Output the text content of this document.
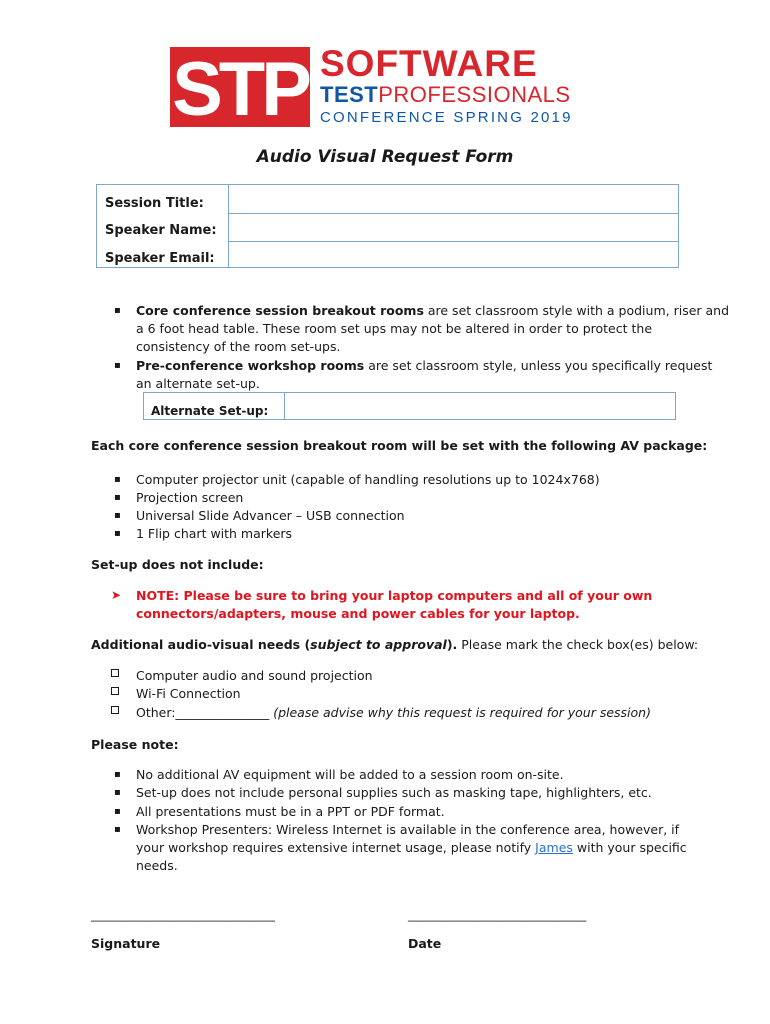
STP SOFTWARE
TESTPROFESSIONALS
CONFERENCE SPRING 2019
Audio Visual Request Form
Session Title:
Speaker Name:
Speaker Email:
▪
Core conference session breakout rooms are set classroom style with a podium, riser and
a 6 foot head table. These room set ups may not be altered in order to protect the
consistency of the room set-ups.
▪
Pre-conference workshop rooms are set classroom style, unless you specifically request
an alternate set-up.
Alternate Set-up:
Each core conference session breakout room will be set with the following AV package:
▪
Computer projector unit (capable of handling resolutions up to 1024x768)
▪
Projection screen
▪
Universal Slide Advancer – USB connection
▪
1 Flip chart with markers
Set-up does not include:
➤ NOTE: Please be sure to bring your laptop computers and all of your own
connectors/adapters, mouse and power cables for your laptop.
Additional audio-visual needs (subject to approval). Please mark the check box(es) below:
Computer audio and sound projection
Wi-Fi Connection
Other:_______________ (please advise why this request is required for your session)
Please note:
▪
No additional AV equipment will be added to a session room on-site.
▪
Set-up does not include personal supplies such as masking tape, highlighters, etc.
▪
All presentations must be in a PPT or PDF format.
▪
Workshop Presenters: Wireless Internet is available in the conference area, however, if
your workshop requires extensive internet usage, please notify James with your specific
needs.
________________________________	_______________________________
Signature	Date
